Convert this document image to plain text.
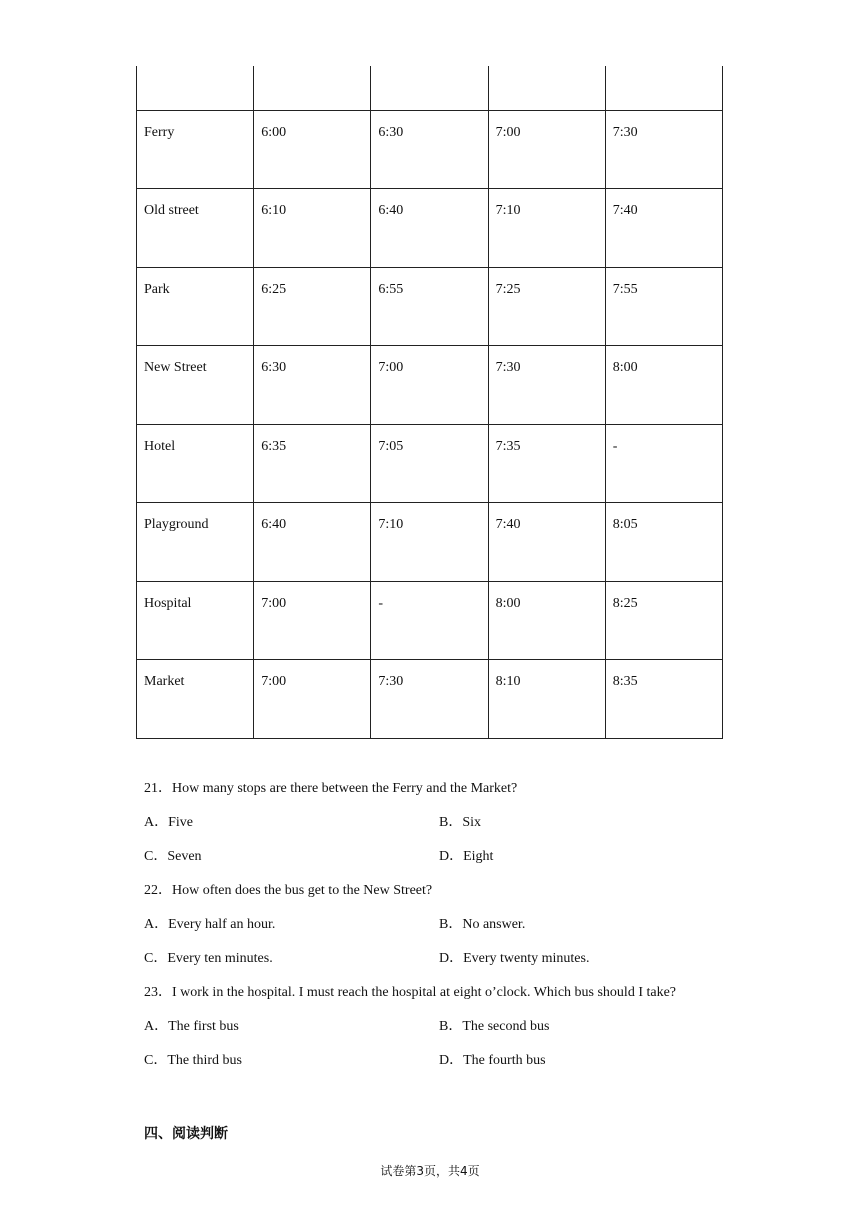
Ferry	6:00	6:30	7:00	7:30
Old street	6:10	6:40	7:10	7:40
Park	6:25	6:55	7:25	7:55
New Street	6:30	7:00	7:30	8:00
Hotel	6:35	7:05	7:35	-
Playground	6:40	7:10	7:40	8:05
Hospital	7:00	-	8:00	8:25
Market	7:00	7:30	8:10	8:35
21．How many stops are there between the Ferry and the Market?
A．Five	B．Six
C．Seven	D．Eight
22．How often does the bus get to the New Street?
A．Every half an hour.	B．No answer.
C．Every ten minutes.	D．Every twenty minutes.
23．I work in the hospital. I must reach the hospital at eight o’clock. Which bus should I take?
A．The first bus	B．The second bus
C．The third bus	D．The fourth bus
四、阅读判断
试卷第3页，共4页
